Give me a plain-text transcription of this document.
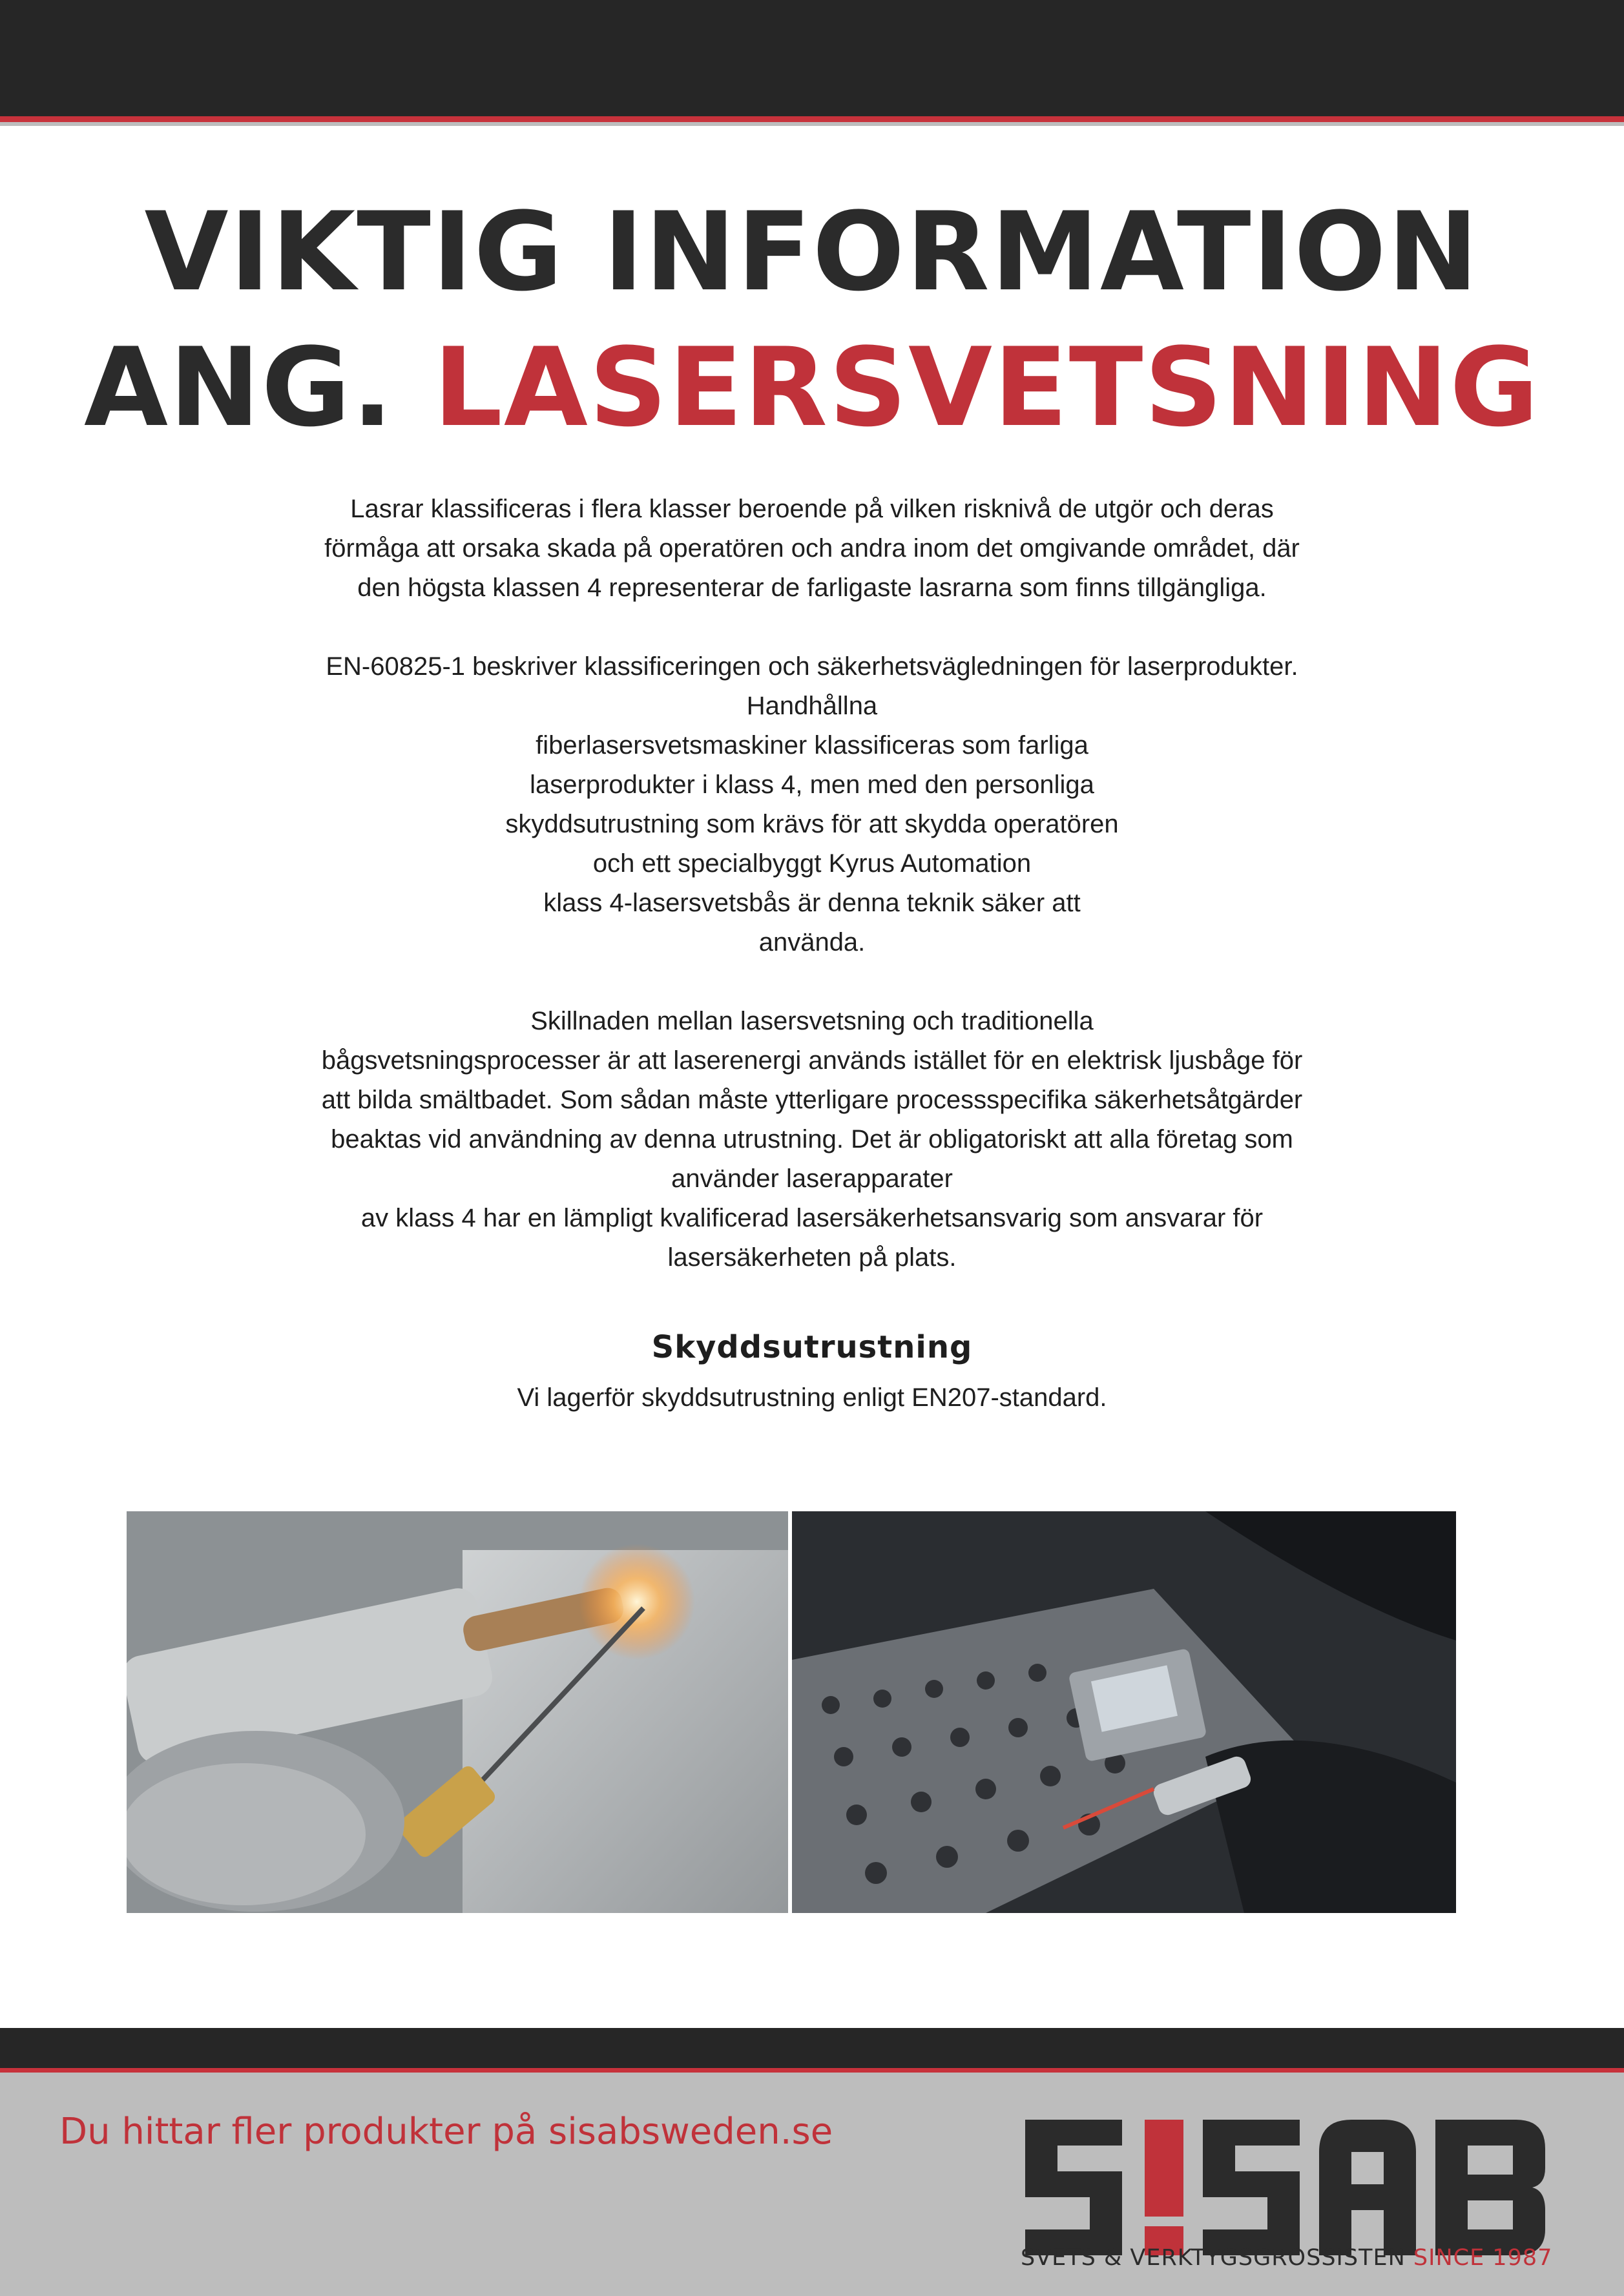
VIKTIG INFORMATION
ANG. LASERSVETSNING

Lasrar klassificeras i flera klasser beroende på vilken risknivå de utgör och deras
förmåga att orsaka skada på operatören och andra inom det omgivande området, där
den högsta klassen 4 representerar de farligaste lasrarna som finns tillgängliga.

EN-60825-1 beskriver klassificeringen och säkerhetsvägledningen för laserprodukter.
Handhållna
fiberlasersvetsmaskiner klassificeras som farliga
laserprodukter i klass 4, men med den personliga
skyddsutrustning som krävs för att skydda operatören
och ett specialbyggt Kyrus Automation
klass 4-lasersvetsbås är denna teknik säker att
använda.

Skillnaden mellan lasersvetsning och traditionella
bågsvetsningsprocesser är att laserenergi används istället för en elektrisk ljusbåge för
att bilda smältbadet. Som sådan måste ytterligare processspecifika säkerhetsåtgärder
beaktas vid användning av denna utrustning. Det är obligatoriskt att alla företag som
använder laserapparater
av klass 4 har en lämpligt kvalificerad lasersäkerhetsansvarig som ansvarar för
lasersäkerheten på plats.

Skyddsutrustning
Vi lagerför skyddsutrustning enligt EN207-standard.
Du hittar fler produkter på sisabsweden.se
SVETS & VERKTYGSGROSSISTEN SINCE 1987
